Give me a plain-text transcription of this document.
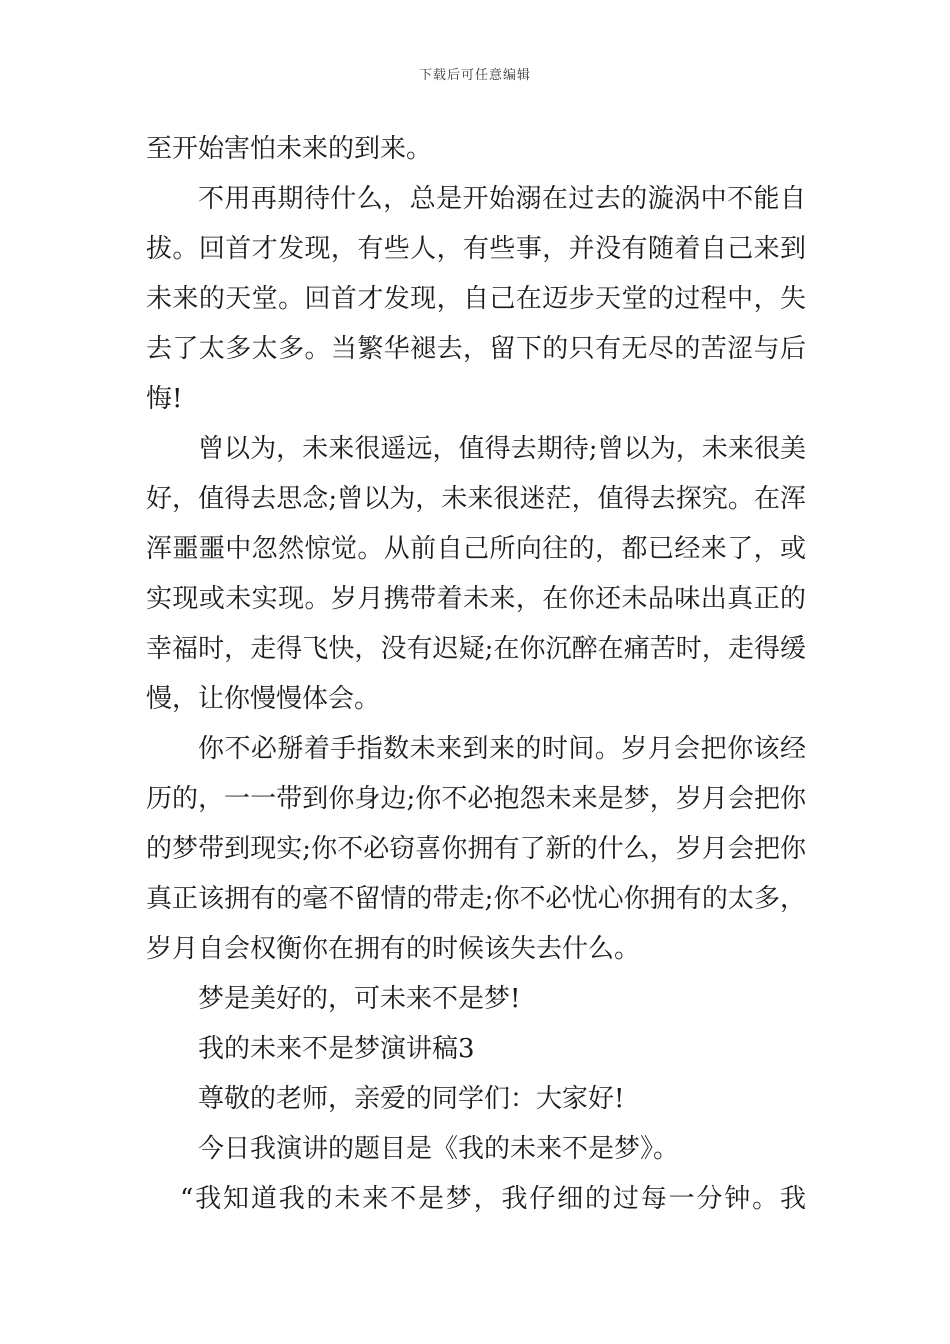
下载后可任意编辑
至开始害怕未来的到来。
不用再期待什么，总是开始溺在过去的漩涡中不能自
拔。回首才发现，有些人，有些事，并没有随着自己来到
未来的天堂。回首才发现，自己在迈步天堂的过程中，失
去了太多太多。当繁华褪去，留下的只有无尽的苦涩与后
悔!
曾以为，未来很遥远，值得去期待;曾以为，未来很美
好，值得去思念;曾以为，未来很迷茫，值得去探究。在浑
浑噩噩中忽然惊觉。从前自己所向往的，都已经来了，或
实现或未实现。岁月携带着未来，在你还未品味出真正的
幸福时，走得飞快，没有迟疑;在你沉醉在痛苦时，走得缓
慢，让你慢慢体会。
你不必掰着手指数未来到来的时间。岁月会把你该经
历的，一一带到你身边;你不必抱怨未来是梦，岁月会把你
的梦带到现实;你不必窃喜你拥有了新的什么，岁月会把你
真正该拥有的毫不留情的带走;你不必忧心你拥有的太多，
岁月自会权衡你在拥有的时候该失去什么。
梦是美好的，可未来不是梦!
我的未来不是梦演讲稿3
尊敬的老师，亲爱的同学们：大家好!
今日我演讲的题目是《我的未来不是梦》。
“我知道我的未来不是梦，我仔细的过每一分钟。我
